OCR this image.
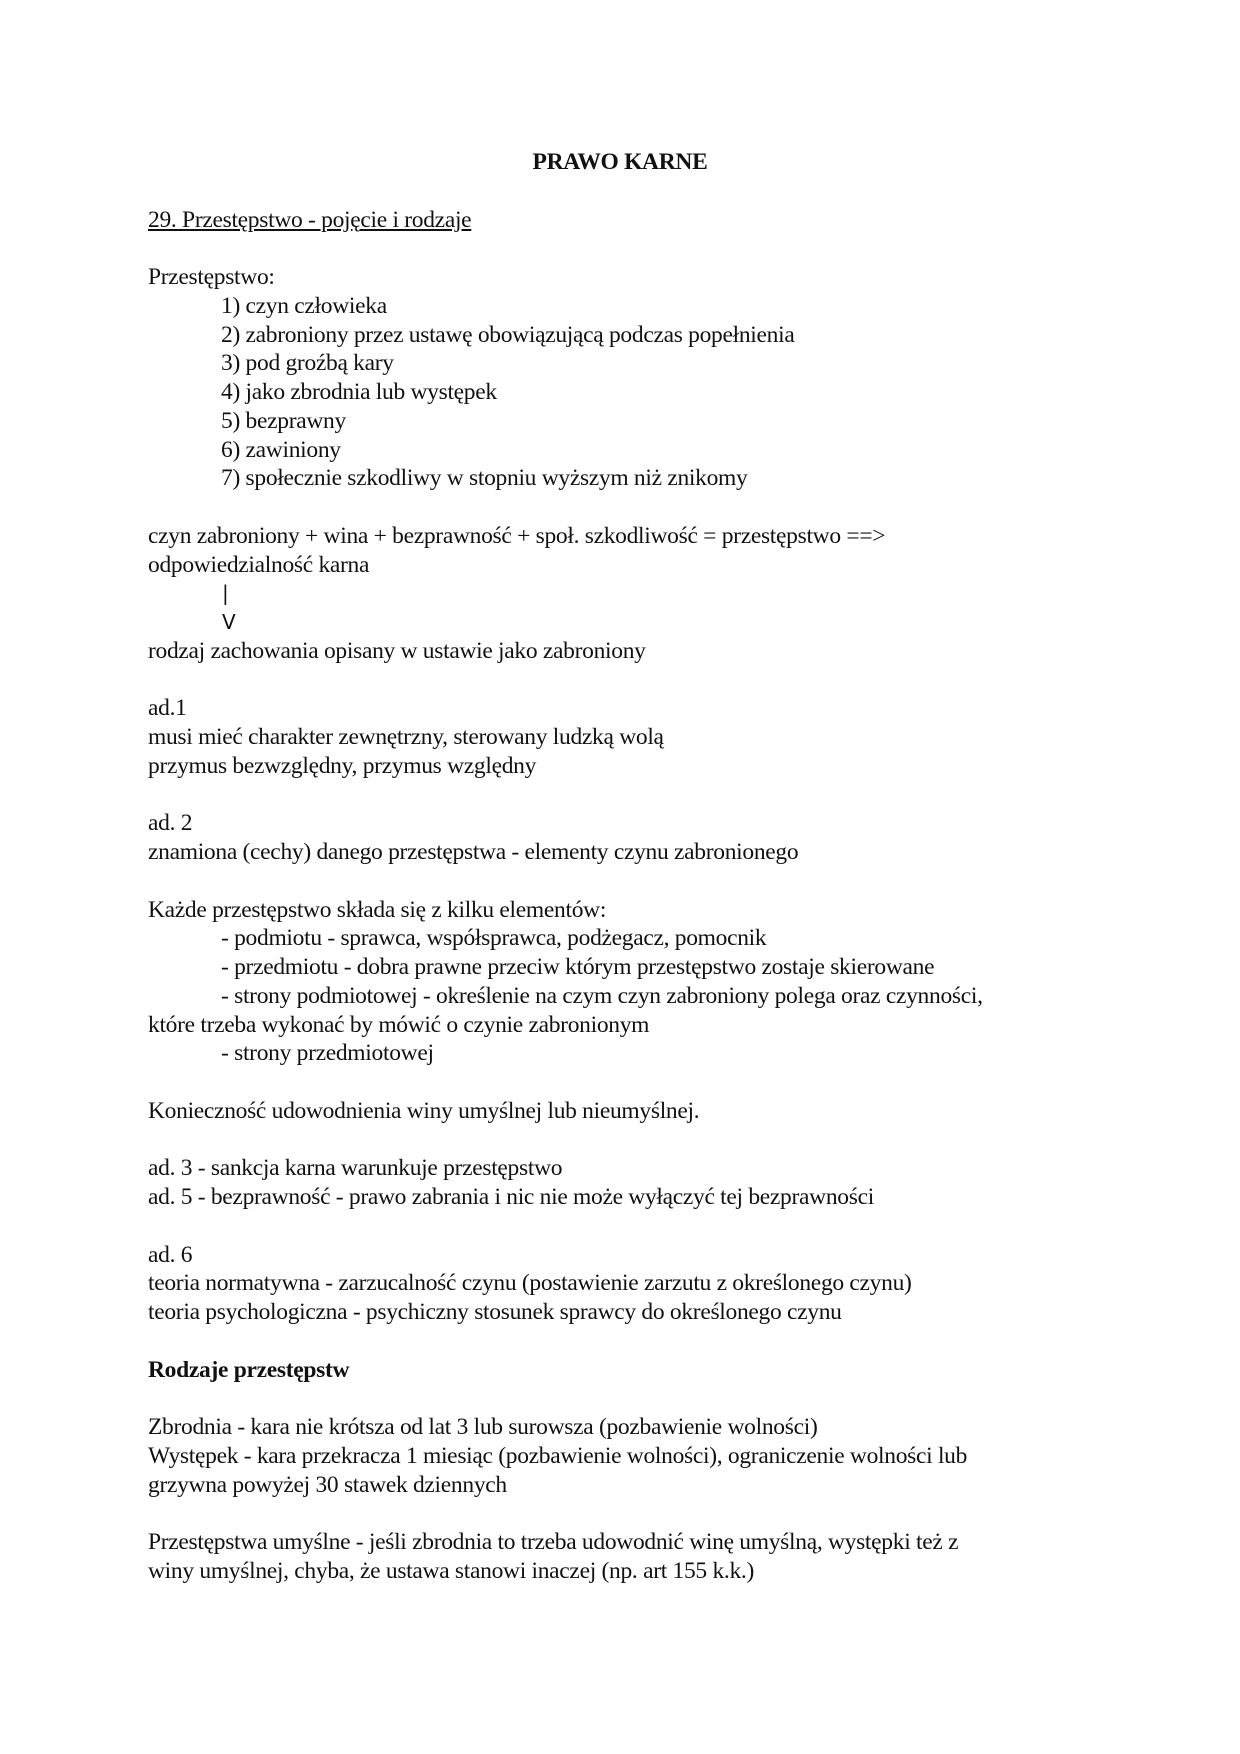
PRAWO KARNE
29. Przestępstwo - pojęcie i rodzaje
Przestępstwo:
1) czyn człowieka
2) zabroniony przez ustawę obowiązującą podczas popełnienia
3) pod groźbą kary
4) jako zbrodnia lub występek
5) bezprawny
6) zawiniony
7) społecznie szkodliwy w stopniu wyższym niż znikomy
czyn zabroniony + wina + bezprawność + społ. szkodliwość = przestępstwo ==>
odpowiedzialność karna
|
V
rodzaj zachowania opisany w ustawie jako zabroniony
ad.1
musi mieć charakter zewnętrzny, sterowany ludzką wolą
przymus bezwzględny, przymus względny
ad. 2
znamiona (cechy) danego przestępstwa - elementy czynu zabronionego
Każde przestępstwo składa się z kilku elementów:
- podmiotu - sprawca, współsprawca, podżegacz, pomocnik
- przedmiotu - dobra prawne przeciw którym przestępstwo zostaje skierowane
- strony podmiotowej - określenie na czym czyn zabroniony polega oraz czynności,
które trzeba wykonać by mówić o czynie zabronionym
- strony przedmiotowej
Konieczność udowodnienia winy umyślnej lub nieumyślnej.
ad. 3 - sankcja karna warunkuje przestępstwo
ad. 5 - bezprawność - prawo zabrania i nic nie może wyłączyć tej bezprawności
ad. 6
teoria normatywna - zarzucalność czynu (postawienie zarzutu z określonego czynu)
teoria psychologiczna - psychiczny stosunek sprawcy do określonego czynu
Rodzaje przestępstw
Zbrodnia - kara nie krótsza od lat 3 lub surowsza (pozbawienie wolności)
Występek - kara przekracza 1 miesiąc (pozbawienie wolności), ograniczenie wolności lub
grzywna powyżej 30 stawek dziennych
Przestępstwa umyślne - jeśli zbrodnia to trzeba udowodnić winę umyślną, występki też z
winy umyślnej, chyba, że ustawa stanowi inaczej (np. art 155 k.k.)
